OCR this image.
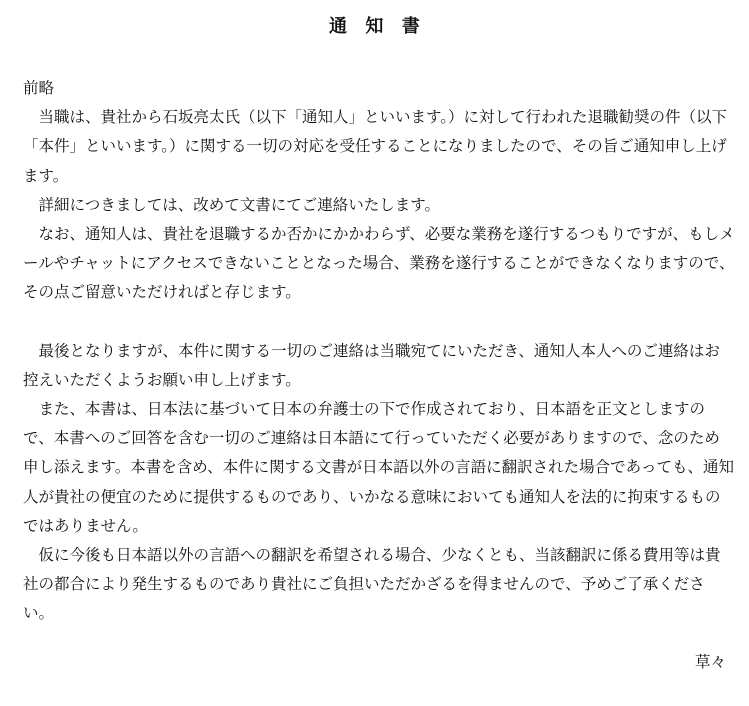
通　知　書

前略

当職は、貴社から石坂亮太氏（以下「通知人」といいます。）に対して行われた退職勧奨の件（以下「本件」といいます。）に関する一切の対応を受任することになりましたので、その旨ご通知申し上げます。

詳細につきましては、改めて文書にてご連絡いたします。

なお、通知人は、貴社を退職するか否かにかかわらず、必要な業務を遂行するつもりですが、もしメールやチャットにアクセスできないこととなった場合、業務を遂行することができなくなりますので、その点ご留意いただければと存じます。

最後となりますが、本件に関する一切のご連絡は当職宛てにいただき、通知人本人へのご連絡はお控えいただくようお願い申し上げます。

また、本書は、日本法に基づいて日本の弁護士の下で作成されており、日本語を正文としますので、本書へのご回答を含む一切のご連絡は日本語にて行っていただく必要がありますので、念のため申し添えます。本書を含め、本件に関する文書が日本語以外の言語に翻訳された場合であっても、通知人が貴社の便宜のために提供するものであり、いかなる意味においても通知人を法的に拘束するものではありません。

仮に今後も日本語以外の言語への翻訳を希望される場合、少なくとも、当該翻訳に係る費用等は貴社の都合により発生するものであり貴社にご負担いただかざるを得ませんので、予めご了承ください。

草々
